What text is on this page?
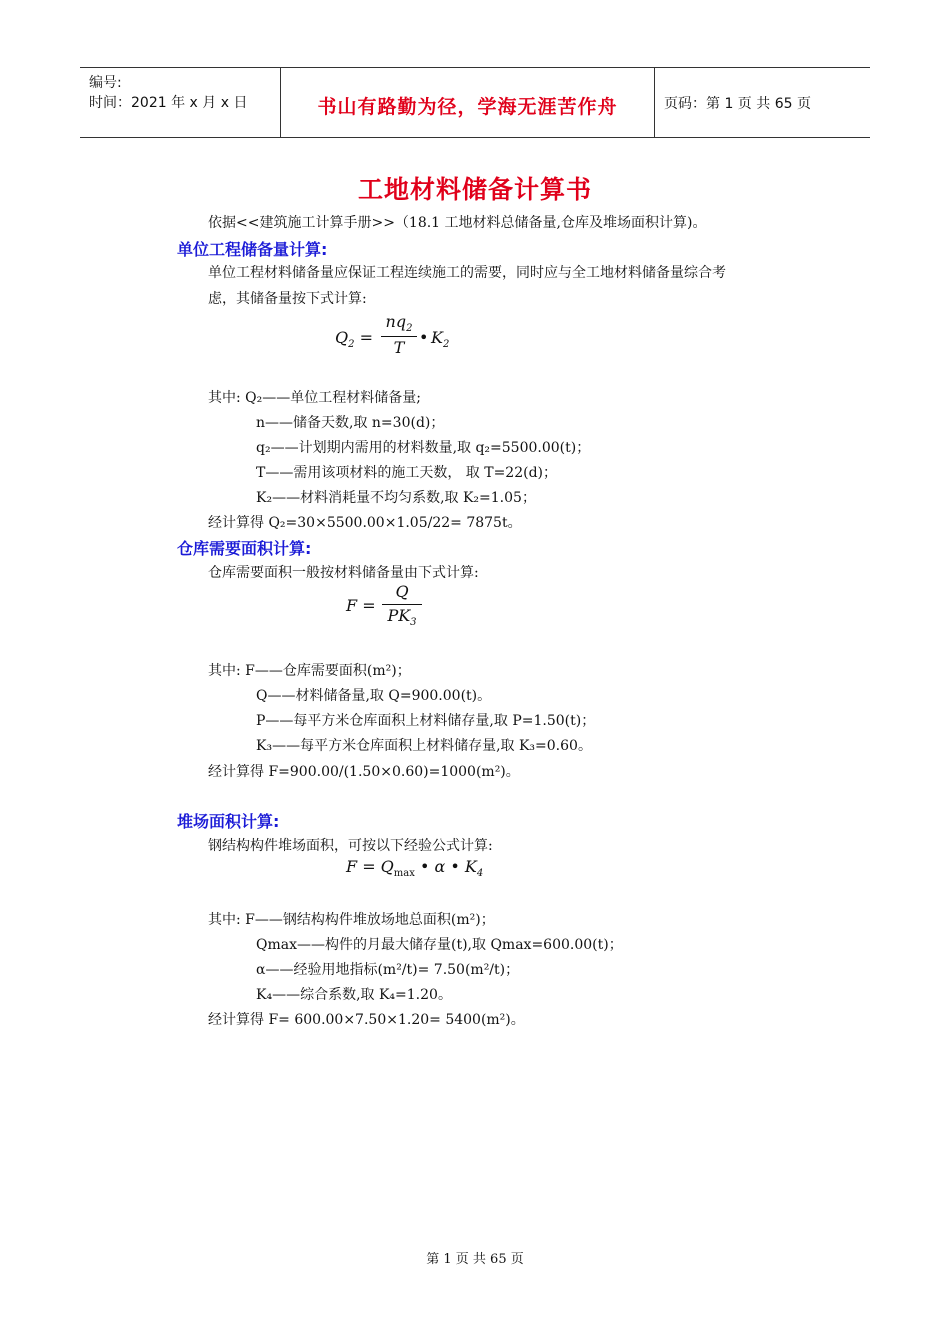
编号:
时间：2021 年 x 月 x 日	书山有路勤为径，学海无涯苦作舟	页码：第 1 页 共 65 页
工地材料储备计算书
依据<<建筑施工计算手册>>（18.1 工地材料总储备量,仓库及堆场面积计算)。
单位工程储备量计算:
单位工程材料储备量应保证工程连续施工的需要，同时应与全工地材料储备量综合考
虑，其储备量按下式计算:
$Q_2$ =
$nq_2$
T
• $K_2$
其中: Q₂——单位工程材料储备量;
n——储备天数,取 n=30(d)；
q₂——计划期内需用的材料数量,取 q₂=5500.00(t)；
T——需用该项材料的施工天数， 取 T=22(d)；
K₂——材料消耗量不均匀系数,取 K₂=1.05；
经计算得 Q₂=30×5500.00×1.05/22= 7875t。
仓库需要面积计算:
仓库需要面积一般按材料储备量由下式计算:
F =
Q
$PK_3$
其中: F——仓库需要面积(m²)；
Q——材料储备量,取 Q=900.00(t)。
P——每平方米仓库面积上材料储存量,取 P=1.50(t)；
K₃——每平方米仓库面积上材料储存量,取 K₃=0.60。
经计算得 F=900.00/(1.50×0.60)=1000(m²)。
堆场面积计算:
钢结构构件堆场面积，可按以下经验公式计算:
$F = Q_{max}$ • α • $K_4$
其中: F——钢结构构件堆放场地总面积(m²)；
Qmax——构件的月最大储存量(t),取 Qmax=600.00(t)；
α——经验用地指标(m²/t)= 7.50(m²/t)；
K₄——综合系数,取 K₄=1.20。
经计算得 F= 600.00×7.50×1.20= 5400(m²)。
第 1 页 共 65 页
